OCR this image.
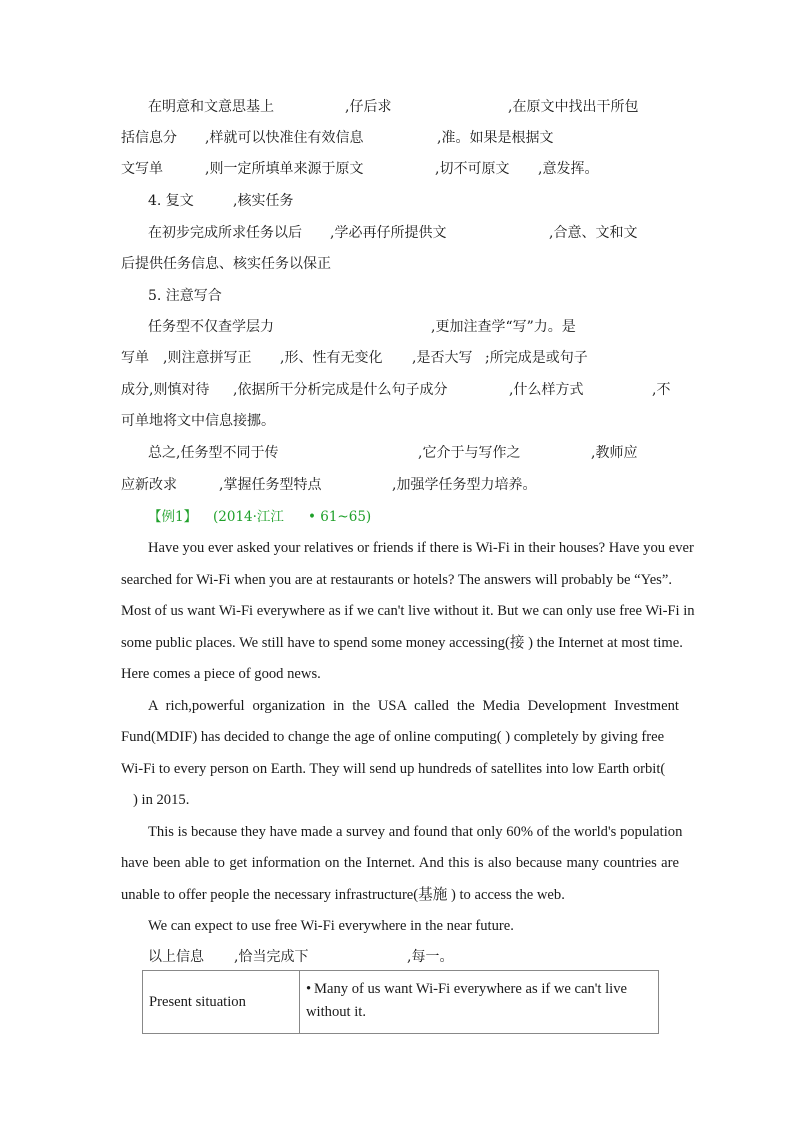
在明意和文意思基上	,仔后求	,在原文中找出干所包
括信息分 ,样就可以快准住有效信息	,准。如果是根据文
文写单	,则一定所填单来源于原文	,切不可原文 ,意发挥。
4. 复文	,核实任务
在初步完成所求任务以后 ,学必再仔所提供文	,合意、文和文
后提供任务信息、核实任务以保正
5. 注意写合
任务型不仅查学层力	,更加注查学“写”力。是
写单 ,则注意拼写正 ,形、性有无变化 ,是否大写 ;所完成是或句子
成分,则慎对待 ,依据所干分析完成是什么句子成分	,什么样方式	,不
可单地将文中信息接挪。
总之,任务型不同于传	,它介于与写作之	,教师应
应新改求	,掌握任务型特点	,加强学任务型力培养。
【例1】 (2014·江江 • 61~65)
Have you ever asked your relatives or friends if there is Wi-Fi in their houses? Have you ever
searched for Wi-Fi when you are at restaurants or hotels? The answers will probably be “Yes”.
Most of us want Wi-Fi everywhere as if we can't live without it. But we can only use free Wi-Fi in
some public places. We still have to spend some money accessing(接 ) the Internet at most time.
Here comes a piece of good news.
A rich,powerful organization in the USA called the Media Development Investment
Fund(MDIF) has decided to change the age of online computing( ) completely by giving free
Wi-Fi to every person on Earth. They will send up hundreds of satellites into low Earth orbit(
) in 2015.
This is because they have made a survey and found that only 60% of the world's population
have been able to get information on the Internet. And this is also because many countries are
unable to offer people the necessary infrastructure(基施 ) to access the web.
We can expect to use free Wi-Fi everywhere in the near future.
以上信息 ,恰当完成下	,每一。
Present situation	• Many of us want Wi-Fi everywhere as if we can't live without it.
